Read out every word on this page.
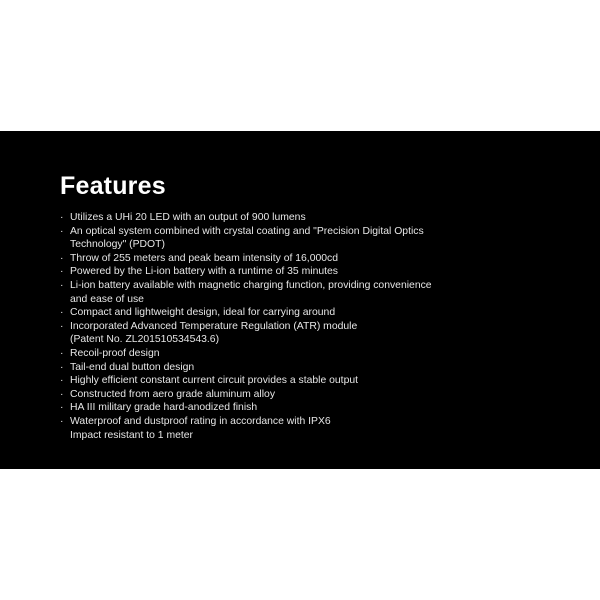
Features
· Utilizes a UHi 20 LED with an output of 900 lumens
· An optical system combined with crystal coating and "Precision Digital Optics
Technology" (PDOT)
· Throw of 255 meters and peak beam intensity of 16,000cd
· Powered by the Li-ion battery with a runtime of 35 minutes
· Li-ion battery available with magnetic charging function, providing convenience
and ease of use
· Compact and lightweight design, ideal for carrying around
· Incorporated Advanced Temperature Regulation (ATR) module
(Patent No. ZL201510534543.6)
· Recoil-proof design
· Tail-end dual button design
· Highly efficient constant current circuit provides a stable output
· Constructed from aero grade aluminum alloy
· HA III military grade hard-anodized finish
· Waterproof and dustproof rating in accordance with IPX6
Impact resistant to 1 meter
